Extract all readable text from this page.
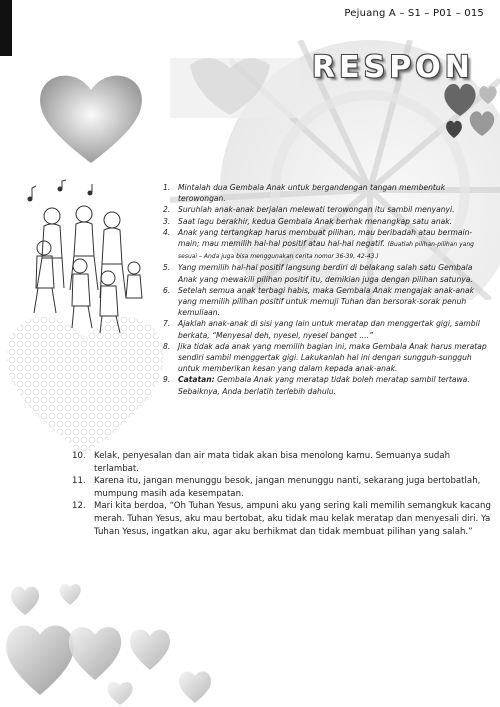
Pejuang A – S1 – P01 – 015
RESPON
1. Mintalah dua Gembala Anak untuk bergandengan tangan membentuk terowongan.
2. Suruhlah anak-anak berjalan melewati terowongan itu sambil menyanyi.
3. Saat lagu berakhir, kedua Gembala Anak berhak menangkap satu anak.
4. Anak yang tertangkap harus membuat pilihan, mau beribadah atau bermain-main; mau memilih hal-hal positif atau hal-hal negatif. (Buatlah pilihan-pilihan yang sesuai – Anda juga bisa menggunakan cerita nomor 36-39, 42-43.)
5. Yang memilih hal-hal positif langsung berdiri di belakang salah satu Gembala Anak yang mewakili pilihan positif itu, demikian juga dengan pilihan satunya.
6. Setelah semua anak terbagi habis, maka Gembala Anak mengajak anak-anak yang memilih pilihan positif untuk memuji Tuhan dan bersorak-sorak penuh kemuliaan.
7. Ajaklah anak-anak di sisi yang lain untuk meratap dan menggertak gigi, sambil berkata, “Menyesal deh, nyesel, nyesel banget ....”
8. Jika tidak ada anak yang memilih bagian ini, maka Gembala Anak harus meratap sendiri sambil menggertak gigi. Lakukanlah hal ini dengan sungguh-sungguh untuk memberikan kesan yang dalam kepada anak-anak.
9. Catatan: Gembala Anak yang meratap tidak boleh meratap sambil tertawa. Sebaiknya, Anda berlatih terlebih dahulu.
10. Kelak, penyesalan dan air mata tidak akan bisa menolong kamu. Semuanya sudah terlambat.
11. Karena itu, jangan menunggu besok, jangan menunggu nanti, sekarang juga bertobatlah, mumpung masih ada kesempatan.
12. Mari kita berdoa, “Oh Tuhan Yesus, ampuni aku yang sering kali memilih semangkuk kacang merah. Tuhan Yesus, aku mau bertobat, aku tidak mau kelak meratap dan menyesali diri. Ya Tuhan Yesus, ingatkan aku, agar aku berhikmat dan tidak membuat pilihan yang salah.”
